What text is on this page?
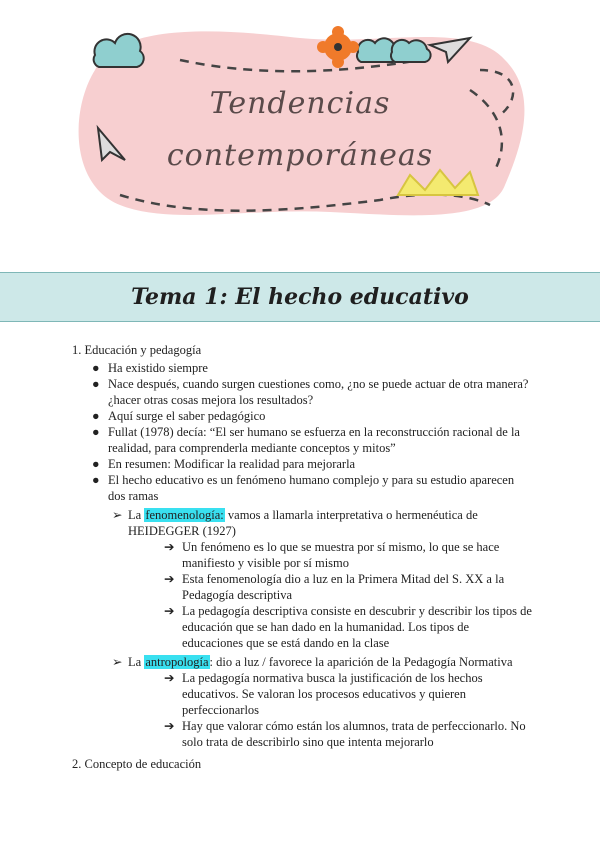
Tendencias
contemporáneas
Tema 1: El hecho educativo
1. Educación y pedagogía
● Ha existido siempre
● Nace después, cuando surgen cuestiones como, ¿no se puede actuar de otra manera? ¿hacer otras cosas mejora los resultados?
● Aquí surge el saber pedagógico
● Fullat (1978) decía: “El ser humano se esfuerza en la reconstrucción racional de la realidad, para comprenderla mediante conceptos y mitos”
● En resumen: Modificar la realidad para mejorarla
● El hecho educativo es un fenómeno humano complejo y para su estudio aparecen dos ramas
➢ La fenomenología: vamos a llamarla interpretativa o hermenéutica de HEIDEGGER (1927)
➔ Un fenómeno es lo que se muestra por sí mismo, lo que se hace manifiesto y visible por sí mismo
➔ Esta fenomenología dio a luz en la Primera Mitad del S. XX a la Pedagogía descriptiva
➔ La pedagogía descriptiva consiste en descubrir y describir los tipos de educación que se han dado en la humanidad. Los tipos de educaciones que se está dando en la clase
➢ La antropología: dio a luz / favorece la aparición de la Pedagogía Normativa
➔ La pedagogía normativa busca la justificación de los hechos educativos. Se valoran los procesos educativos y quieren perfeccionarlos
➔ Hay que valorar cómo están los alumnos, trata de perfeccionarlo. No solo trata de describirlo sino que intenta mejorarlo
2. Concepto de educación
